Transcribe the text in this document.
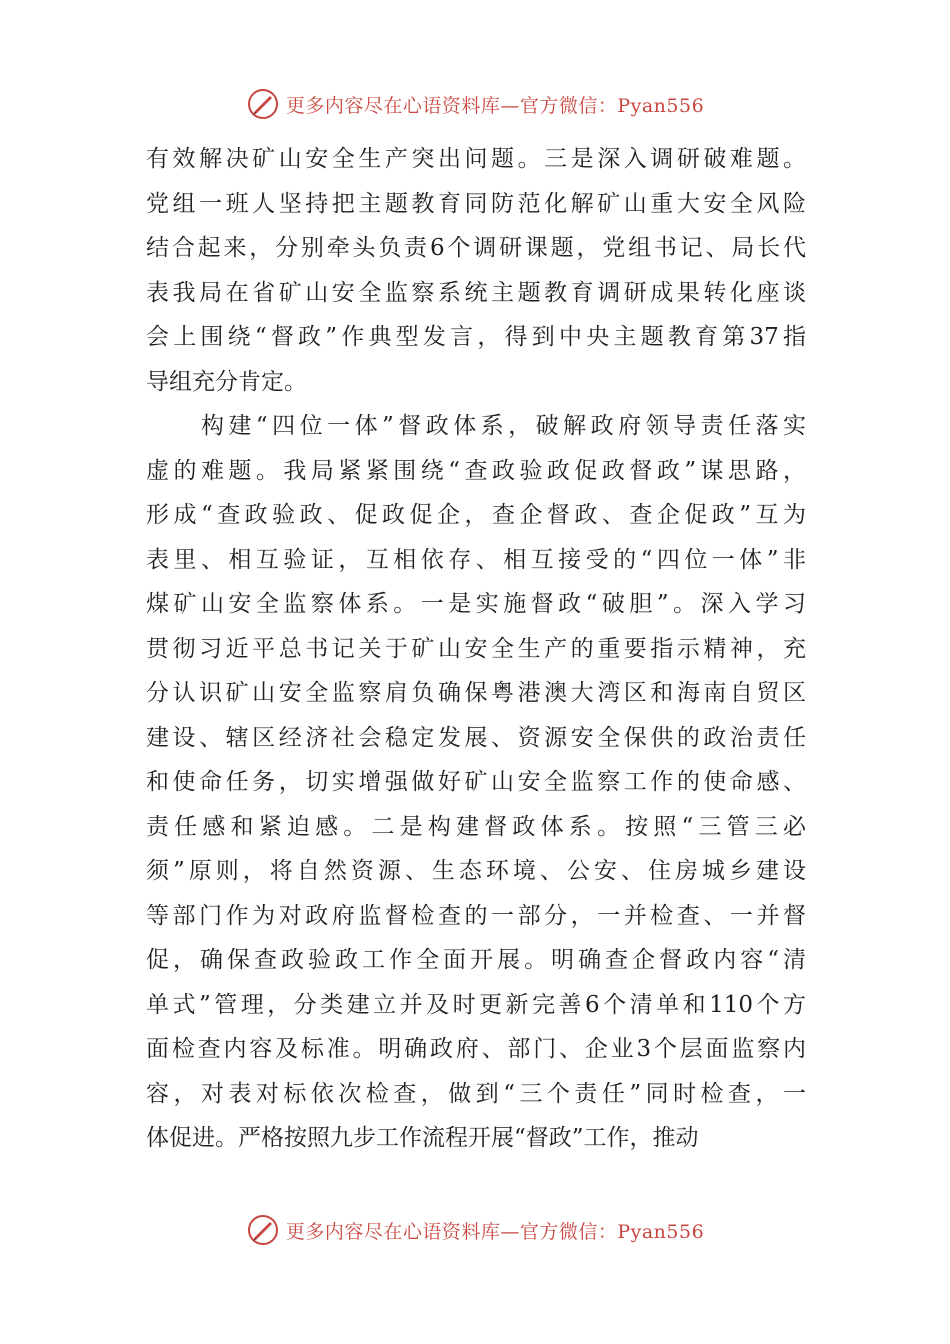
更多内容尽在心语资料库—官方微信：Pyan556
有效解决矿山安全生产突出问题。三是深入调研破难题。
党组一班人坚持把主题教育同防范化解矿山重大安全风险
结合起来，分别牵头负责6个调研课题，党组书记、局长代
表我局在省矿山安全监察系统主题教育调研成果转化座谈
会上围绕“督政”作典型发言，得到中央主题教育第37指
导组充分肯定。
　　构建“四位一体”督政体系，破解政府领导责任落实
虚的难题。我局紧紧围绕“查政验政促政督政”谋思路，
形成“查政验政、促政促企，查企督政、查企促政”互为
表里、相互验证，互相依存、相互接受的“四位一体”非
煤矿山安全监察体系。一是实施督政“破胆”。深入学习
贯彻习近平总书记关于矿山安全生产的重要指示精神，充
分认识矿山安全监察肩负确保粤港澳大湾区和海南自贸区
建设、辖区经济社会稳定发展、资源安全保供的政治责任
和使命任务，切实增强做好矿山安全监察工作的使命感、
责任感和紧迫感。二是构建督政体系。按照“三管三必
须”原则，将自然资源、生态环境、公安、住房城乡建设
等部门作为对政府监督检查的一部分，一并检查、一并督
促，确保查政验政工作全面开展。明确查企督政内容“清
单式”管理，分类建立并及时更新完善6个清单和110个方
面检查内容及标准。明确政府、部门、企业3个层面监察内
容，对表对标依次检查，做到“三个责任”同时检查，一
体促进。严格按照九步工作流程开展“督政”工作，推动
更多内容尽在心语资料库—官方微信：Pyan556
